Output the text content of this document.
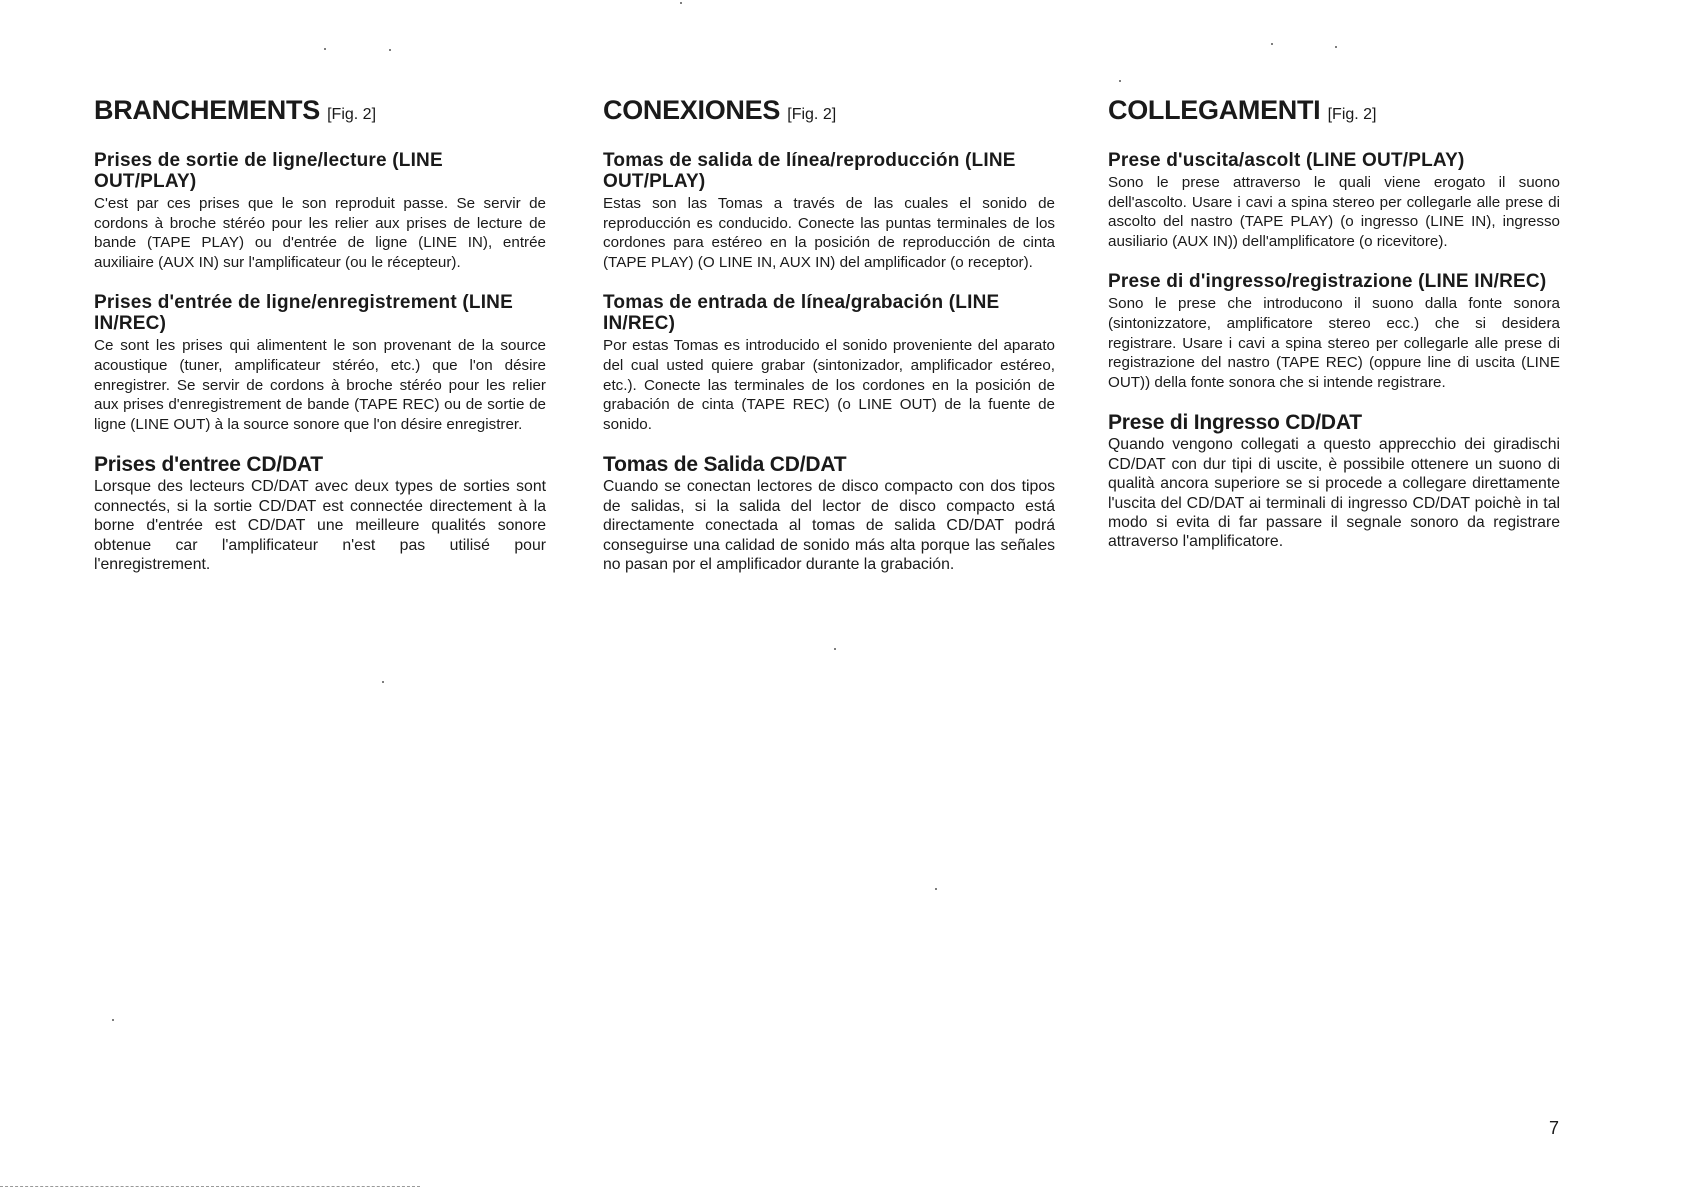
BRANCHEMENTS [Fig. 2]
Prises de sortie de ligne/lecture (LINE OUT/PLAY)

C'est par ces prises que le son reproduit passe. Se servir de cordons à broche stéréo pour les relier aux prises de lecture de bande (TAPE PLAY) ou d'entrée de ligne (LINE IN), entrée auxiliaire (AUX IN) sur l'amplificateur (ou le récepteur).

Prises d'entrée de ligne/enregistrement (LINE IN/REC)

Ce sont les prises qui alimentent le son provenant de la source acoustique (tuner, amplificateur stéréo, etc.) que l'on désire enregistrer. Se servir de cordons à broche stéréo pour les relier aux prises d'enregistrement de bande (TAPE REC) ou de sortie de ligne (LINE OUT) à la source sonore que l'on désire enregistrer.

Prises d'entree CD/DAT

Lorsque des lecteurs CD/DAT avec deux types de sorties sont connectés, si la sortie CD/DAT est connectée directement à la borne d'entrée est CD/DAT une meilleure qualités sonore obtenue car l'amplificateur n'est pas utilisé pour l'enregistrement.

CONEXIONES [Fig. 2]
Tomas de salida de línea/reproducción (LINE OUT/PLAY)

Estas son las Tomas a través de las cuales el sonido de reproducción es conducido. Conecte las puntas terminales de los cordones para estéreo en la posición de reproducción de cinta (TAPE PLAY) (O LINE IN, AUX IN) del amplificador (o receptor).

Tomas de entrada de línea/grabación (LINE IN/REC)

Por estas Tomas es introducido el sonido proveniente del aparato del cual usted quiere grabar (sintonizador, amplificador estéreo, etc.). Conecte las terminales de los cordones en la posición de grabación de cinta (TAPE REC) (o LINE OUT) de la fuente de sonido.

Tomas de Salida CD/DAT

Cuando se conectan lectores de disco compacto con dos tipos de salidas, si la salida del lector de disco compacto está directamente conectada al tomas de salida CD/DAT podrá conseguirse una calidad de sonido más alta porque las señales no pasan por el amplificador durante la grabación.

COLLEGAMENTI [Fig. 2]
Prese d'uscita/ascolt (LINE OUT/PLAY)

Sono le prese attraverso le quali viene erogato il suono dell'ascolto. Usare i cavi a spina stereo per collegarle alle prese di ascolto del nastro (TAPE PLAY) (o ingresso (LINE IN), ingresso ausiliario (AUX IN)) dell'amplificatore (o ricevitore).

Prese di d'ingresso/registrazione (LINE IN/REC)

Sono le prese che introducono il suono dalla fonte sonora (sintonizzatore, amplificatore stereo ecc.) che si desidera registrare. Usare i cavi a spina stereo per collegarle alle prese di registrazione del nastro (TAPE REC) (oppure line di uscita (LINE OUT)) della fonte sonora che si intende registrare.

Prese di Ingresso CD/DAT

Quando vengono collegati a questo apprecchio dei giradischi CD/DAT con dur tipi di uscite, è possibile ottenere un suono di qualità ancora superiore se si procede a collegare direttamente l'uscita del CD/DAT ai terminali di ingresso CD/DAT poichè in tal modo si evita di far passare il segnale sonoro da registrare attraverso l'amplificatore.

7
